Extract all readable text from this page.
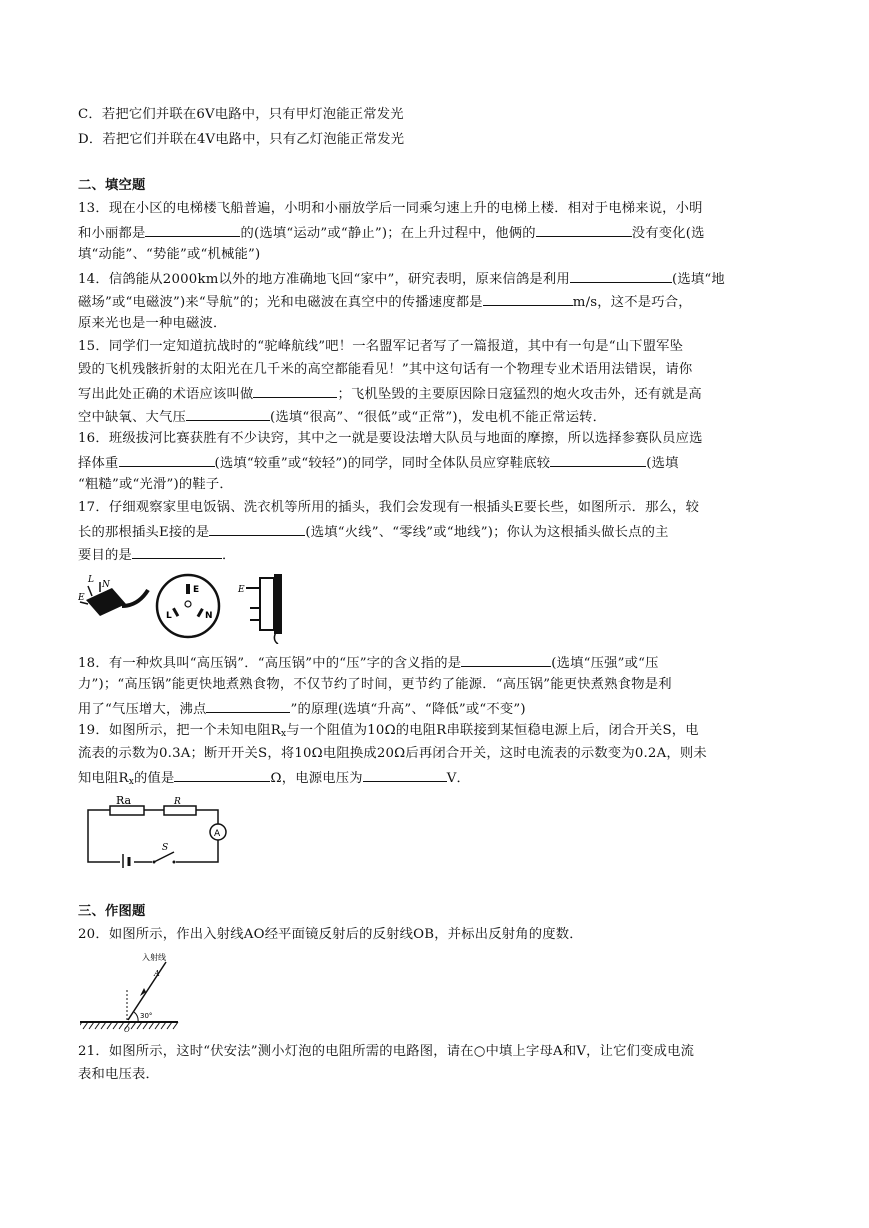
C．若把它们并联在6V电路中，只有甲灯泡能正常发光
D．若把它们并联在4V电路中，只有乙灯泡能正常发光
二、填空题
13．现在小区的电梯楼飞船普遍，小明和小丽放学后一同乘匀速上升的电梯上楼．相对于电梯来说，小明
和小丽都是	的(选填“运动”或“静止”)；在上升过程中，他俩的	没有变化(选
填“动能”、“势能”或“机械能”)
14．信鸽能从2000km以外的地方准确地飞回“家中”，研究表明，原来信鸽是利用	(选填“地
磁场”或“电磁波”)来“导航”的；光和电磁波在真空中的传播速度都是	m/s，这不是巧合，
原来光也是一种电磁波．
15．同学们一定知道抗战时的“驼峰航线”吧！一名盟军记者写了一篇报道，其中有一句是“山下盟军坠
毁的飞机残骸折射的太阳光在几千米的高空都能看见！”其中这句话有一个物理专业术语用法错误，请你
写出此处正确的术语应该叫做	；飞机坠毁的主要原因除日寇猛烈的炮火攻击外，还有就是高
空中缺氧、大气压	(选填“很高”、“很低”或“正常”)，发电机不能正常运转．
16．班级拔河比赛获胜有不少诀窍，其中之一就是要设法增大队员与地面的摩擦，所以选择参赛队员应选
择体重	(选填“较重”或“较轻”)的同学，同时全体队员应穿鞋底较	(选填
“粗糙”或“光滑”)的鞋子．
17．仔细观察家里电饭锅、洗衣机等所用的插头，我们会发现有一根插头E要长些，如图所示．那么，较
长的那根插头E接的是	(选填“火线”、“零线”或“地线”)；你认为这根插头做长点的主
要目的是	．
L N
E
E
L	N
E
18．有一种炊具叫“高压锅”．“高压锅”中的“压”字的含义指的是	(选填“压强”或“压
力”)；“高压锅”能更快地煮熟食物，不仅节约了时间，更节约了能源．“高压锅”能更快煮熟食物是利
用了“气压增大，沸点	”的原理(选填“升高”、“降低”或“不变”)
19．如图所示，把一个未知电阻$R_x$与一个阻值为10Ω的电阻R串联接到某恒稳电源上后，闭合开关S，电
流表的示数为0.3A；断开开关S，将10Ω电阻换成20Ω后再闭合开关，这时电流表的示数变为0.2A，则未
知电阻$R_x$的值是	Ω，电源电压为	V．
Ra	R
A
S
三、作图题
20．如图所示，作出入射线AO经平面镜反射后的反射线OB，并标出反射角的度数．
入射线
A
30°
O
21．如图所示，这时“伏安法”测小灯泡的电阻所需的电路图，请在○中填上字母A和V，让它们变成电流
表和电压表．
